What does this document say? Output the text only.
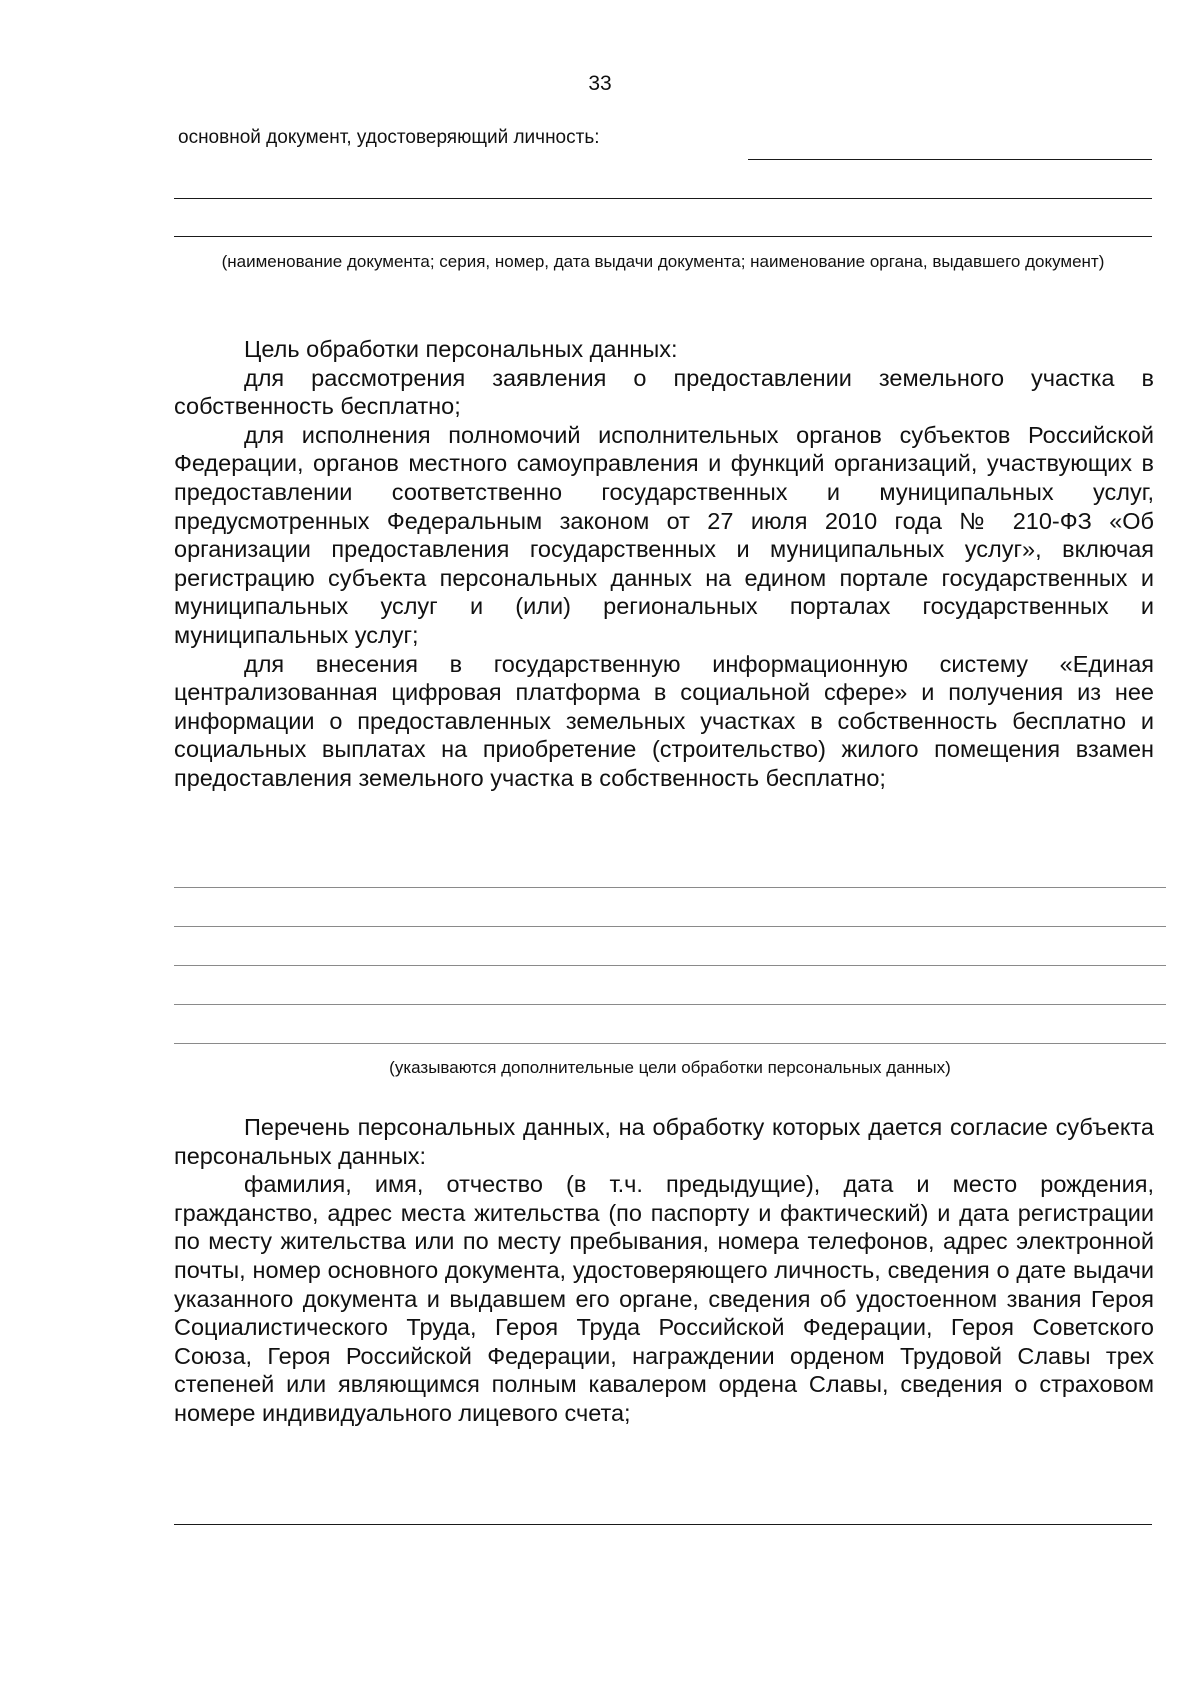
33
основной документ, удостоверяющий личность:
(наименование документа; серия, номер, дата выдачи документа; наименование органа, выдавшего документ)

Цель обработки персональных данных:

для рассмотрения заявления о предоставлении земельного участка в собственность бесплатно;

для исполнения полномочий исполнительных органов субъектов Российской Федерации, органов местного самоуправления и функций организаций, участвующих в предоставлении соответственно государственных и муниципальных услуг, предусмотренных Федеральным законом от 27 июля 2010 года № 210-ФЗ «Об организации предоставления государственных и муниципальных услуг», включая регистрацию субъекта персональных данных на едином портале государственных и муниципальных услуг и (или) региональных порталах государственных и муниципальных услуг;

для внесения в государственную информационную систему «Единая централизованная цифровая платформа в социальной сфере» и получения из нее информации о предоставленных земельных участках в собственность бесплатно и социальных выплатах на приобретение (строительство) жилого помещения взамен предоставления земельного участка в собственность бесплатно;

(указываются дополнительные цели обработки персональных данных)

Перечень персональных данных, на обработку которых дается согласие субъекта персональных данных:

фамилия, имя, отчество (в т.ч. предыдущие), дата и место рождения, гражданство, адрес места жительства (по паспорту и фактический) и дата регистрации по месту жительства или по месту пребывания, номера телефонов, адрес электронной почты, номер основного документа, удостоверяющего личность, сведения о дате выдачи указанного документа и выдавшем его органе, сведения об удостоенном звания Героя Социалистического Труда, Героя Труда Российской Федерации, Героя Советского Союза, Героя Российской Федерации, награждении орденом Трудовой Славы трех степеней или являющимся полным кавалером ордена Славы, сведения о страховом номере индивидуального лицевого счета;
